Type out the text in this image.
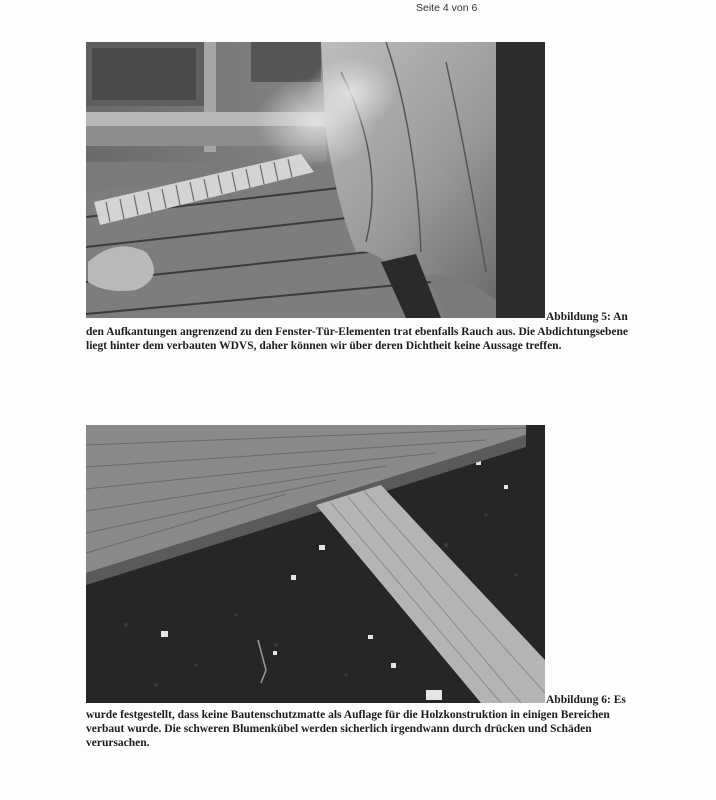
Seite 4 von 6
Abbildung 5: An
den Aufkantungen angrenzend zu den Fenster-Tür-Elementen trat ebenfalls Rauch aus. Die Abdichtungsebene liegt hinter dem verbauten WDVS, daher können wir über deren Dichtheit keine Aussage treffen.
Abbildung 6: Es
wurde festgestellt, dass keine Bautenschutzmatte als Auflage für die Holzkonstruktion in einigen Bereichen verbaut wurde. Die schweren Blumenkübel werden sicherlich irgendwann durch drücken und Schäden verursachen.
